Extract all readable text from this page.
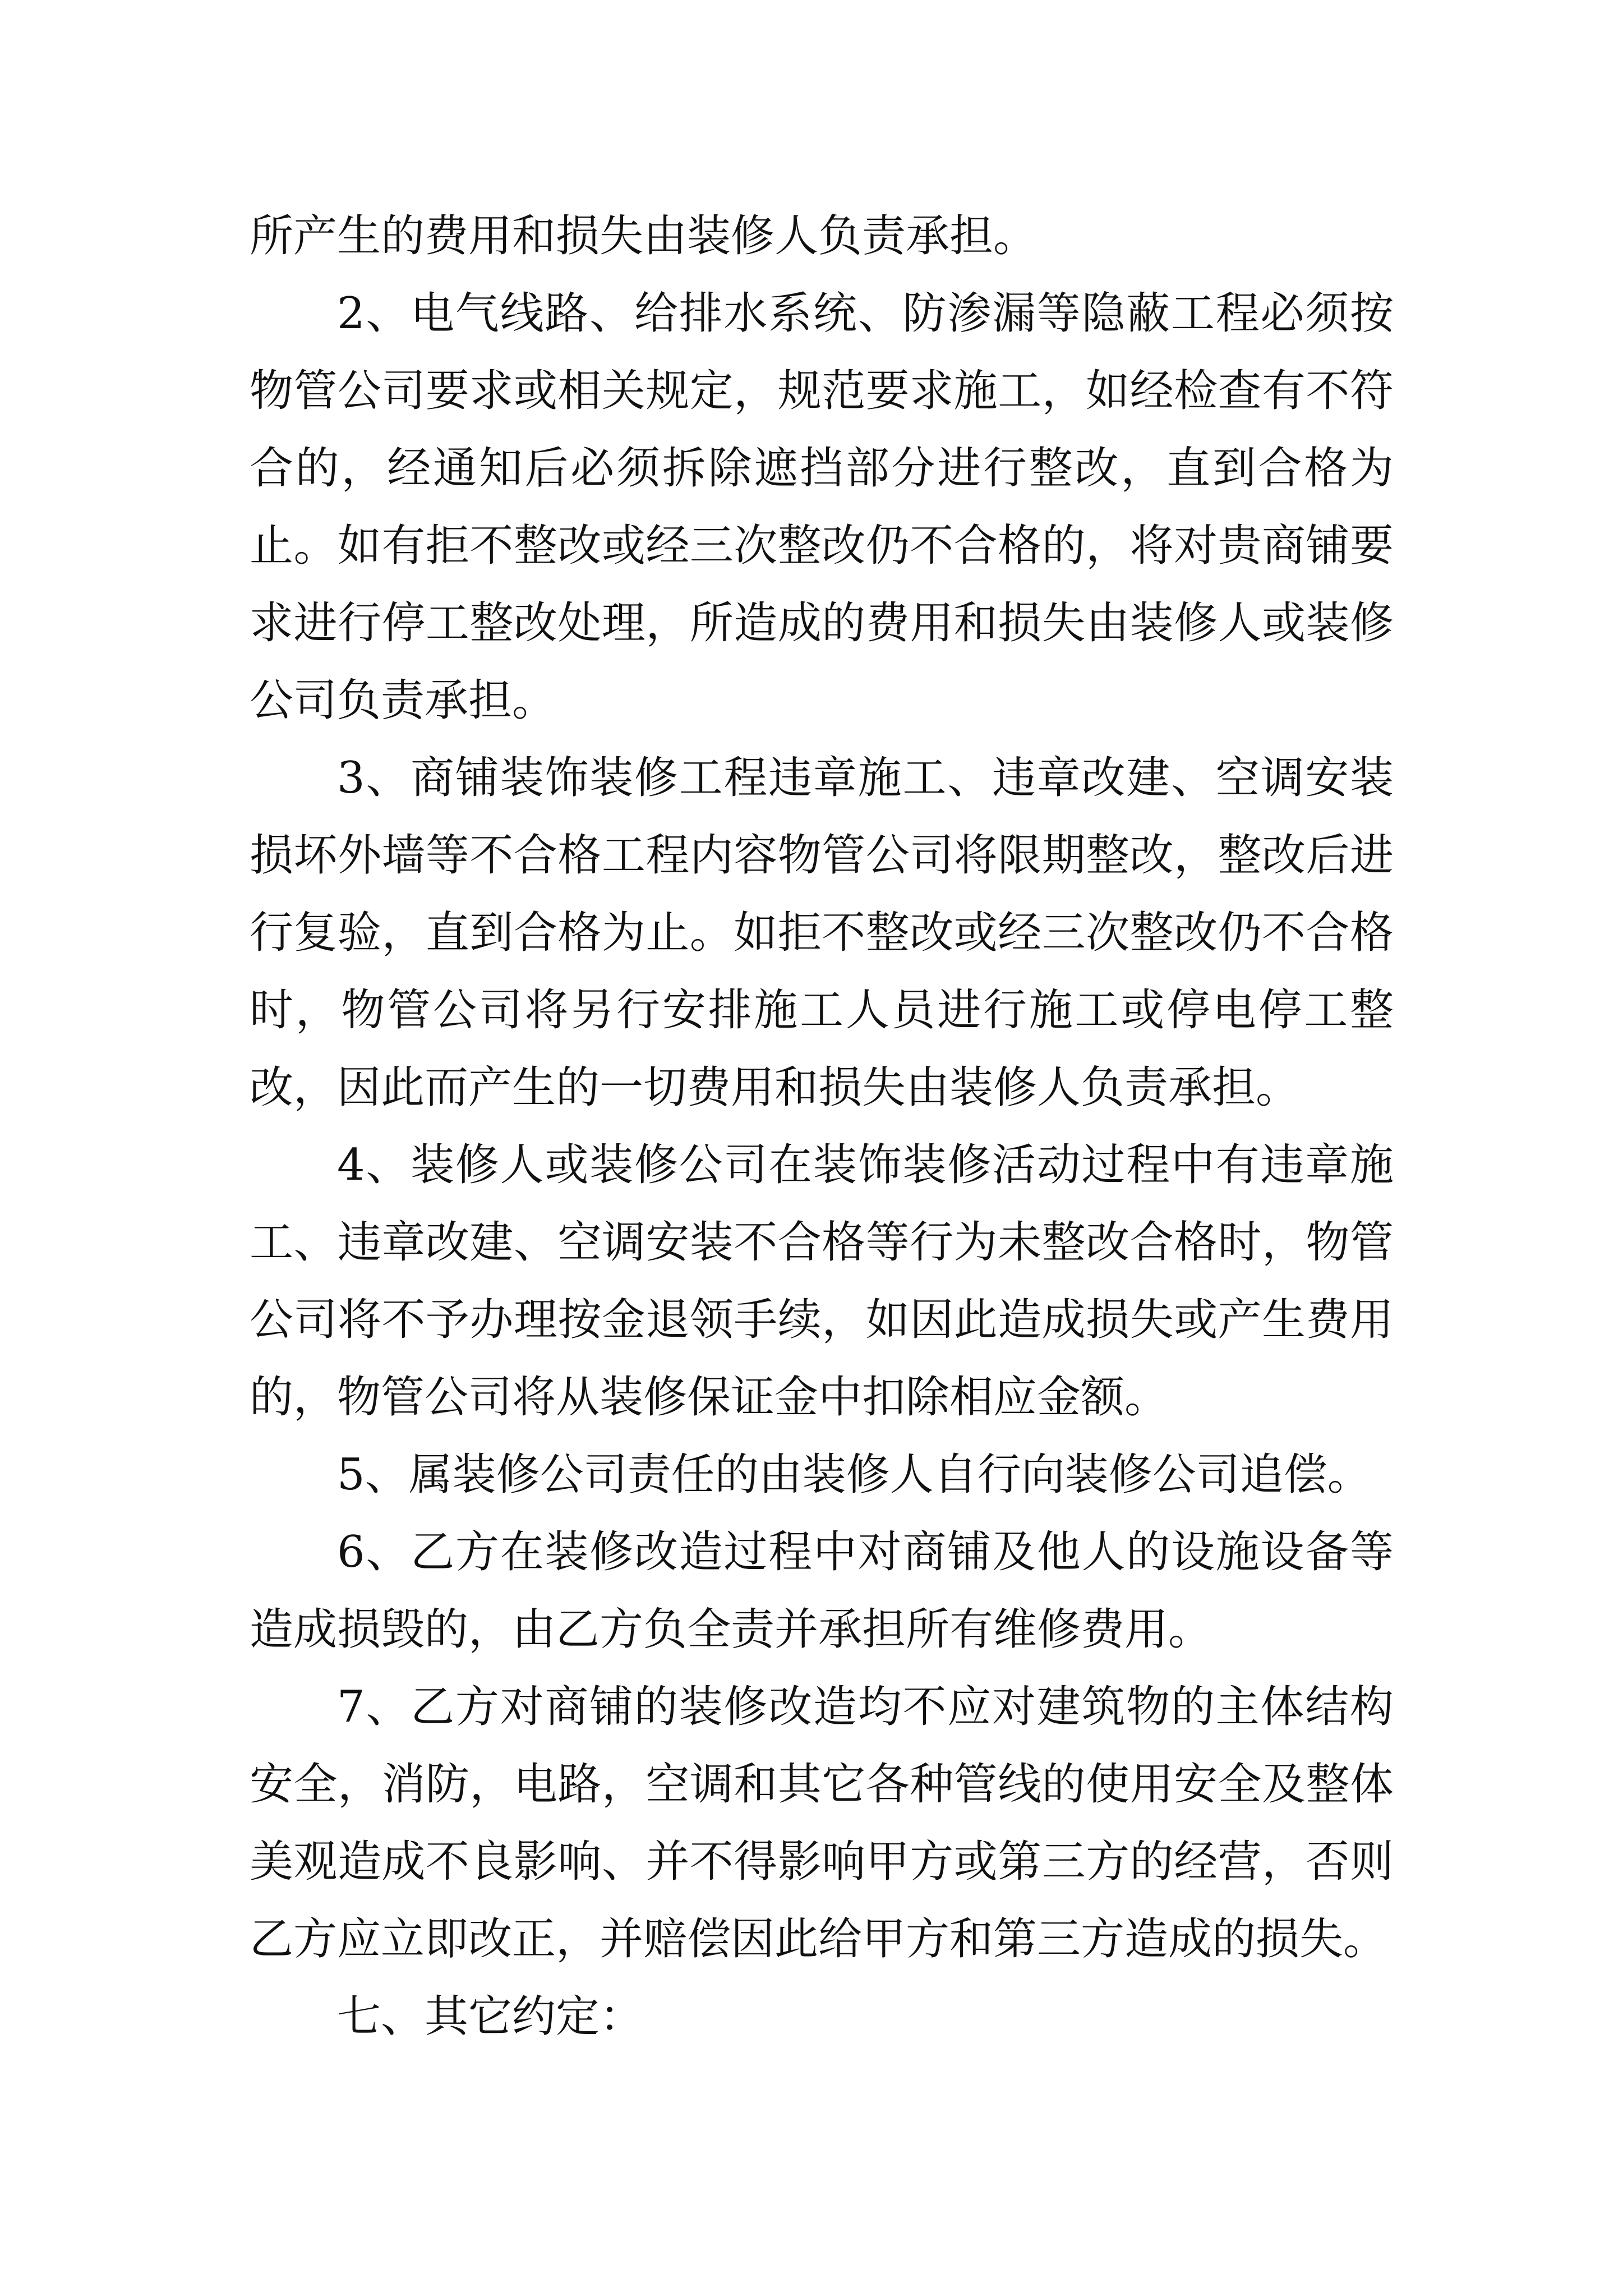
所产生的费用和损失由装修人负责承担。

2、电气线路、给排水系统、防渗漏等隐蔽工程必须按物管公司要求或相关规定，规范要求施工，如经检查有不符合的，经通知后必须拆除遮挡部分进行整改，直到合格为止。如有拒不整改或经三次整改仍不合格的，将对贵商铺要求进行停工整改处理，所造成的费用和损失由装修人或装修公司负责承担。

3、商铺装饰装修工程违章施工、违章改建、空调安装损坏外墙等不合格工程内容物管公司将限期整改，整改后进行复验，直到合格为止。如拒不整改或经三次整改仍不合格时，物管公司将另行安排施工人员进行施工或停电停工整改，因此而产生的一切费用和损失由装修人负责承担。

4、装修人或装修公司在装饰装修活动过程中有违章施工、违章改建、空调安装不合格等行为未整改合格时，物管公司将不予办理按金退领手续，如因此造成损失或产生费用的，物管公司将从装修保证金中扣除相应金额。

5、属装修公司责任的由装修人自行向装修公司追偿。

6、乙方在装修改造过程中对商铺及他人的设施设备等造成损毁的，由乙方负全责并承担所有维修费用。

7、乙方对商铺的装修改造均不应对建筑物的主体结构安全，消防，电路，空调和其它各种管线的使用安全及整体美观造成不良影响、并不得影响甲方或第三方的经营，否则乙方应立即改正，并赔偿因此给甲方和第三方造成的损失。

七、其它约定：
